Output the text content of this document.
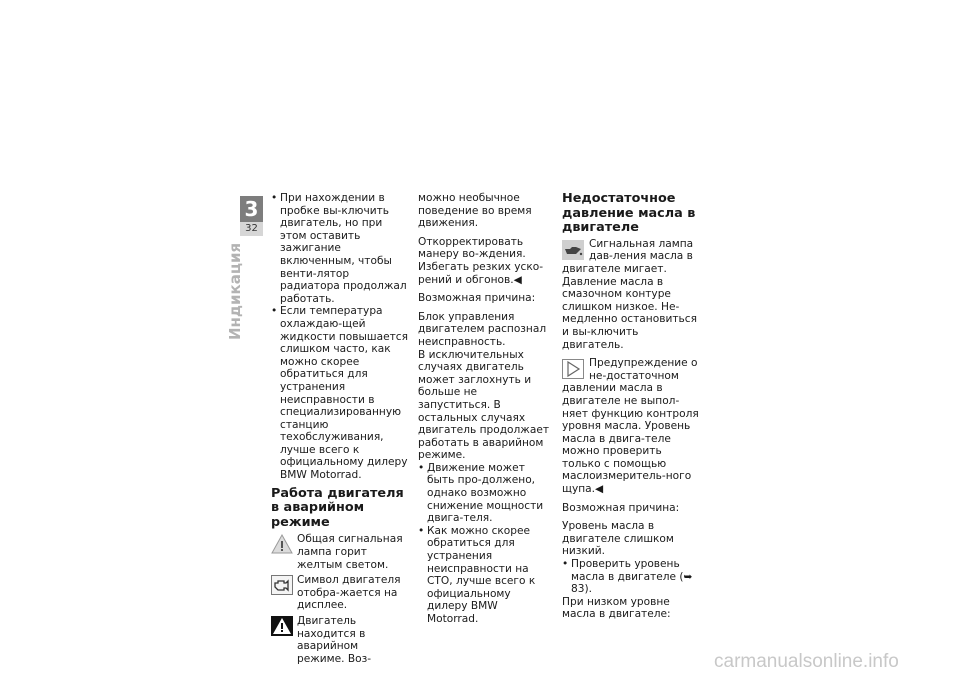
3
32
Индикация
• При нахождении в пробке вы-ключить двигатель, но при этом оставить зажигание включенным, чтобы венти-лятор радиатора продолжал работать.
• Если температура охлаждаю-щей жидкости повышается слишком часто, как можно скорее обратиться для устранения неисправности в специализированную станцию техобслуживания, лучше всего к официальному дилеру BMW Motorrad.
Работа двигателя в аварийном режиме
Общая сигнальная лампа горит желтым светом.
Символ двигателя отобра-жается на дисплее.
Двигатель находится в аварийном режиме. Воз-

можно необычное поведение во время движения.

Откорректировать манеру во-ждения. Избегать резких уско-рений и обгонов.◀

Возможная причина:

Блок управления двигателем распознал неисправность.

В исключительных случаях двигатель может заглохнуть и больше не запуститься. В остальных случаях двигатель продолжает работать в аварийном режиме.

• Движение может быть про-должено, однако возможно снижение мощности двига-теля.
• Как можно скорее обратиться для устранения неисправности на СТО, лучше всего к официальному дилеру BMW Motorrad.
Недостаточное давление масла в двигателе

Сигнальная лампа дав-ления масла в двигателе мигает.

Давление масла в смазочном контуре слишком низкое. Не-медленно остановиться и вы-ключить двигатель.

Предупреждение о не-достаточном давлении масла в двигателе не выпол-няет функцию контроля уровня масла. Уровень масла в двига-теле можно проверить только с помощью маслоизмеритель-ного щупа.◀

Возможная причина:

Уровень масла в двигателе слишком низкий.

• Проверить уровень масла в двигателе (➥ 83).

При низком уровне масла в двигателе:

carmanualsonline.info
